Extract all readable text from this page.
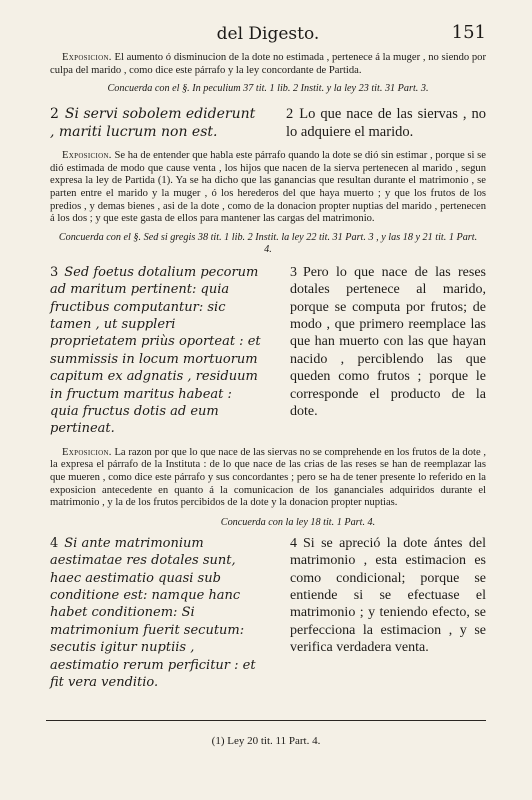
del Digesto.	151

Exposicion. El aumento ó disminucion de la dote no estimada , pertenece á la muger , no siendo por culpa del marido , como dice este párrafo y la ley concordante de Partida.

Concuerda con el §. In peculium 37 tit. 1 lib. 2 Instit. y la ley 23 tit. 31 Part. 3.

2 Si servi sobolem ediderunt , mariti lucrum non est.

2 Lo que nace de las siervas , no lo adquiere el marido.

Exposicion. Se ha de entender que habla este párrafo quando la dote se dió sin estimar , porque si se dió estimada de modo que cause venta , los hijos que nacen de la sierva pertenecen al marido , segun expresa la ley de Partida (1). Ya se ha dicho que las ganancias que resultan durante el matrimonio , se parten entre el marido y la muger , ó los herederos del que haya muerto ; y que los frutos de los predios , y demas bienes , asi de la dote , como de la donacion propter nuptias del marido , pertenecen á los dos ; y que este gasta de ellos para mantener las cargas del matrimonio.

Concuerda con el §. Sed si gregis 38 tit. 1 lib. 2 Instit. la ley 22 tit. 31 Part. 3 , y las 18 y 21 tit. 1 Part. 4.

3 Sed foetus dotalium pecorum ad maritum pertinent: quia fructibus computantur: sic tamen , ut suppleri proprietatem priùs oporteat : et summissis in locum mortuorum capitum ex adgnatis , residuum in fructum maritus habeat : quia fructus dotis ad eum pertineat.

3 Pero lo que nace de las reses dotales pertenece al marido, porque se computa por frutos; de modo , que primero reemplace las que han muerto con las que hayan nacido , perciblendo las que queden como frutos ; porque le corresponde el producto de la dote.

Exposicion. La razon por que lo que nace de las siervas no se comprehende en los frutos de la dote , la expresa el párrafo de la Instituta : de lo que nace de las crias de las reses se han de reemplazar las que mueren , como dice este párrafo y sus concordantes ; pero se ha de tener presente lo referido en la exposicion antecedente en quanto á la comunicacion de los gananciales adquiridos durante el matrimonio , y la de los frutos percibidos de la dote y la donacion propter nuptias.

Concuerda con la ley 18 tit. 1 Part. 4.

4 Si ante matrimonium aestimatae res dotales sunt, haec aestimatio quasi sub conditione est: namque hanc habet conditionem: Si matrimonium fuerit secutum: secutis igitur nuptiis , aestimatio rerum perficitur : et fit vera venditio.

4 Si se apreció la dote ántes del matrimonio , esta estimacion es como condicional; porque se entiende si se efectuase el matrimonio ; y teniendo efecto, se perfecciona la estimacion , y se verifica verdadera venta.

(1) Ley 20 tit. 11 Part. 4.
